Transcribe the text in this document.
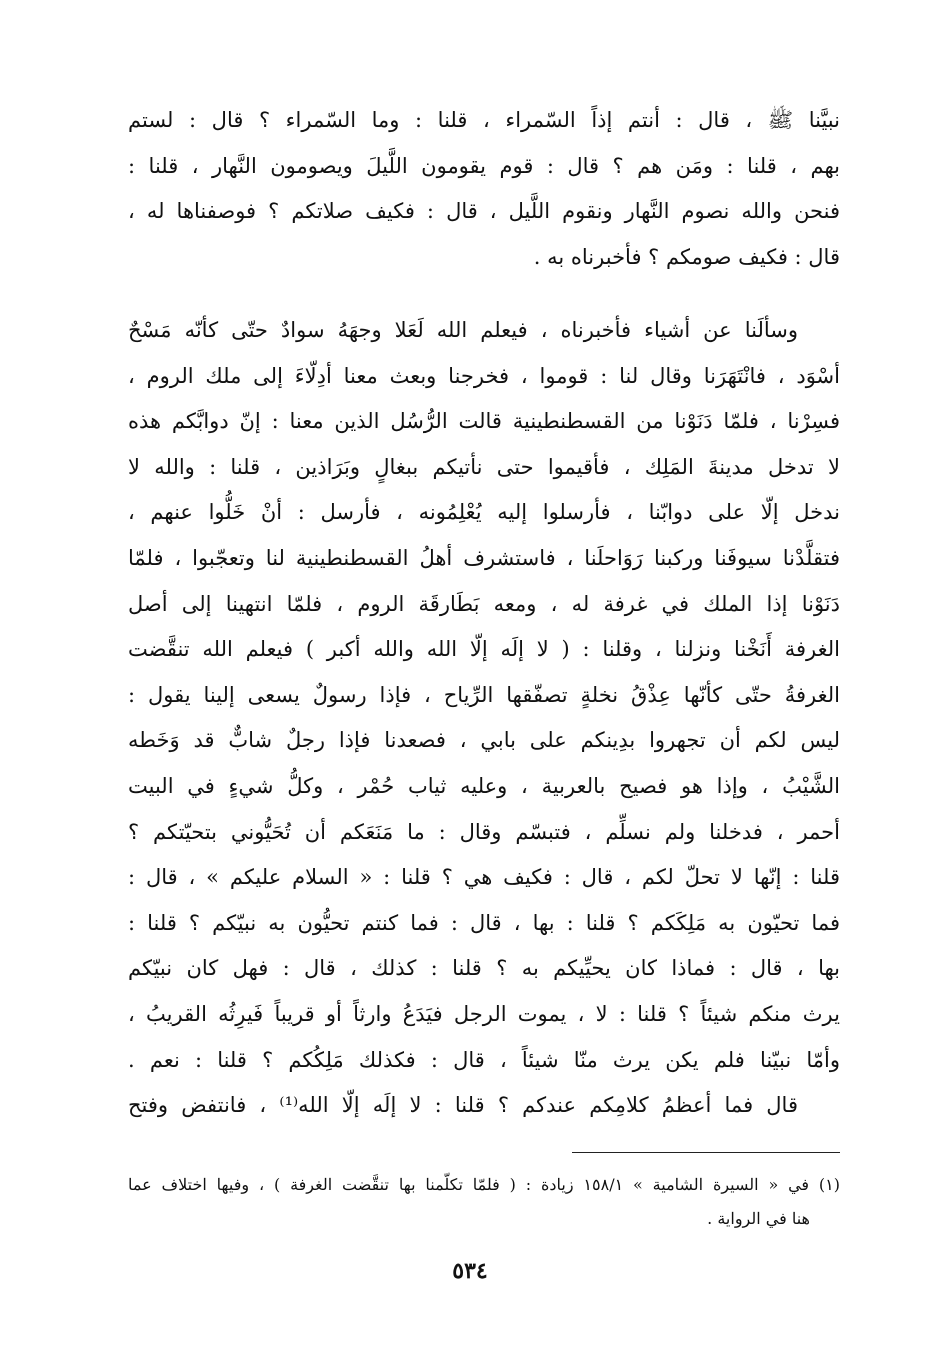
نبيَّنا ﷺ ، قال : أنتم إذاً السّمراء ، قلنا : وما السّمراء ؟ قال : لستم
بهم ، قلنا : ومَن هم ؟ قال : قوم يقومون اللَّيلَ ويصومون النَّهار ، قلنا :
فنحن والله نصوم النَّهار ونقوم اللَّيل ، قال : فكيف صلاتكم ؟ فوصفناها له ،
قال : فكيف صومكم ؟ فأخبرناه به .
وسألَنا عن أشياء فأخبرناه ، فيعلم الله لَعَلا وجهَهُ سوادٌ حتّى كأنّه مَسْحٌ
أسْوَد ، فانْتَهَرَنا وقال لنا : قوموا ، فخرجنا وبعث معنا أدِلّاءَ إلى ملك الروم ،
فسِرْنا ، فلمّا دَنَوْنا من القسطنطينية قالت الرُّسُل الذين معنا : إنّ دوابَّكم هذه
لا تدخل مدينةَ المَلِك ، فأقيموا حتى نأتيكم ببغالٍ وبَرَاذين ، قلنا : والله لا
ندخل إلّا على دوابّنا ، فأرسلوا إليه يُعْلِمُونه ، فأرسل : أنْ خَلُّوا عنهم ،
فتقلَّدْنا سيوفَنا وركبنا رَوَاحلَنا ، فاستشرف أهلُ القسطنطينية لنا وتعجّبوا ، فلمّا
دَنَوْنا إذا الملك في غرفة له ، ومعه بَطَارقَة الروم ، فلمّا انتهينا إلى أصل
الغرفة أَنَخْنا ونزلنا ، وقلنا : ( لا إلَه إلّا الله والله أكبر ) فيعلم الله تنقَّضت
الغرفةُ حتّى كأنّها عِذْقُ نخلةٍ تصفّقها الرِّياح ، فإذا رسولٌ يسعى إلينا يقول :
ليس لكم أن تجهروا بدِينكم على بابي ، فصعدنا فإذا رجلٌ شابٌّ قد وَخَطه
الشَّيْبُ ، وإذا هو فصيح بالعربية ، وعليه ثياب حُمْر ، وكلُّ شيءٍ في البيت
أحمر ، فدخلنا ولم نسلِّم ، فتبسّم وقال : ما مَنَعَكم أن تُحَيُّوني بتحيّتكم ؟
قلنا : إنّها لا تحلّ لكم ، قال : فكيف هي ؟ قلنا : « السلام عليكم » ، قال :
فما تحيّون به مَلِكَكم ؟ قلنا : بها ، قال : فما كنتم تحيُّون به نبيّكم ؟ قلنا :
بها ، قال : فماذا كان يحيِّيكم به ؟ قلنا : كذلك ، قال : فهل كان نبيّكم
يرث منكم شيئاً ؟ قلنا : لا ، يموت الرجل فيَدَعُ وارثاً أو قريباً فَيرِثُه القريبُ ،
وأمّا نبيّنا فلم يكن يرث منّا شيئاً ، قال : فكذلك مَلِكُكم ؟ قلنا : نعم .
قال فما أعظمُ كلامِكم عندكم ؟ قلنا : لا إلَه إلّا الله⁽¹⁾ ، فانتفض وفتح
(١) في « السيرة الشامية » ١٥٨/١ زيادة : ( فلمّا تكلّمنا بها تنقَّضت الغرفة ) ، وفيها اختلاف عما
هنا في الرواية .
٥٣٤
